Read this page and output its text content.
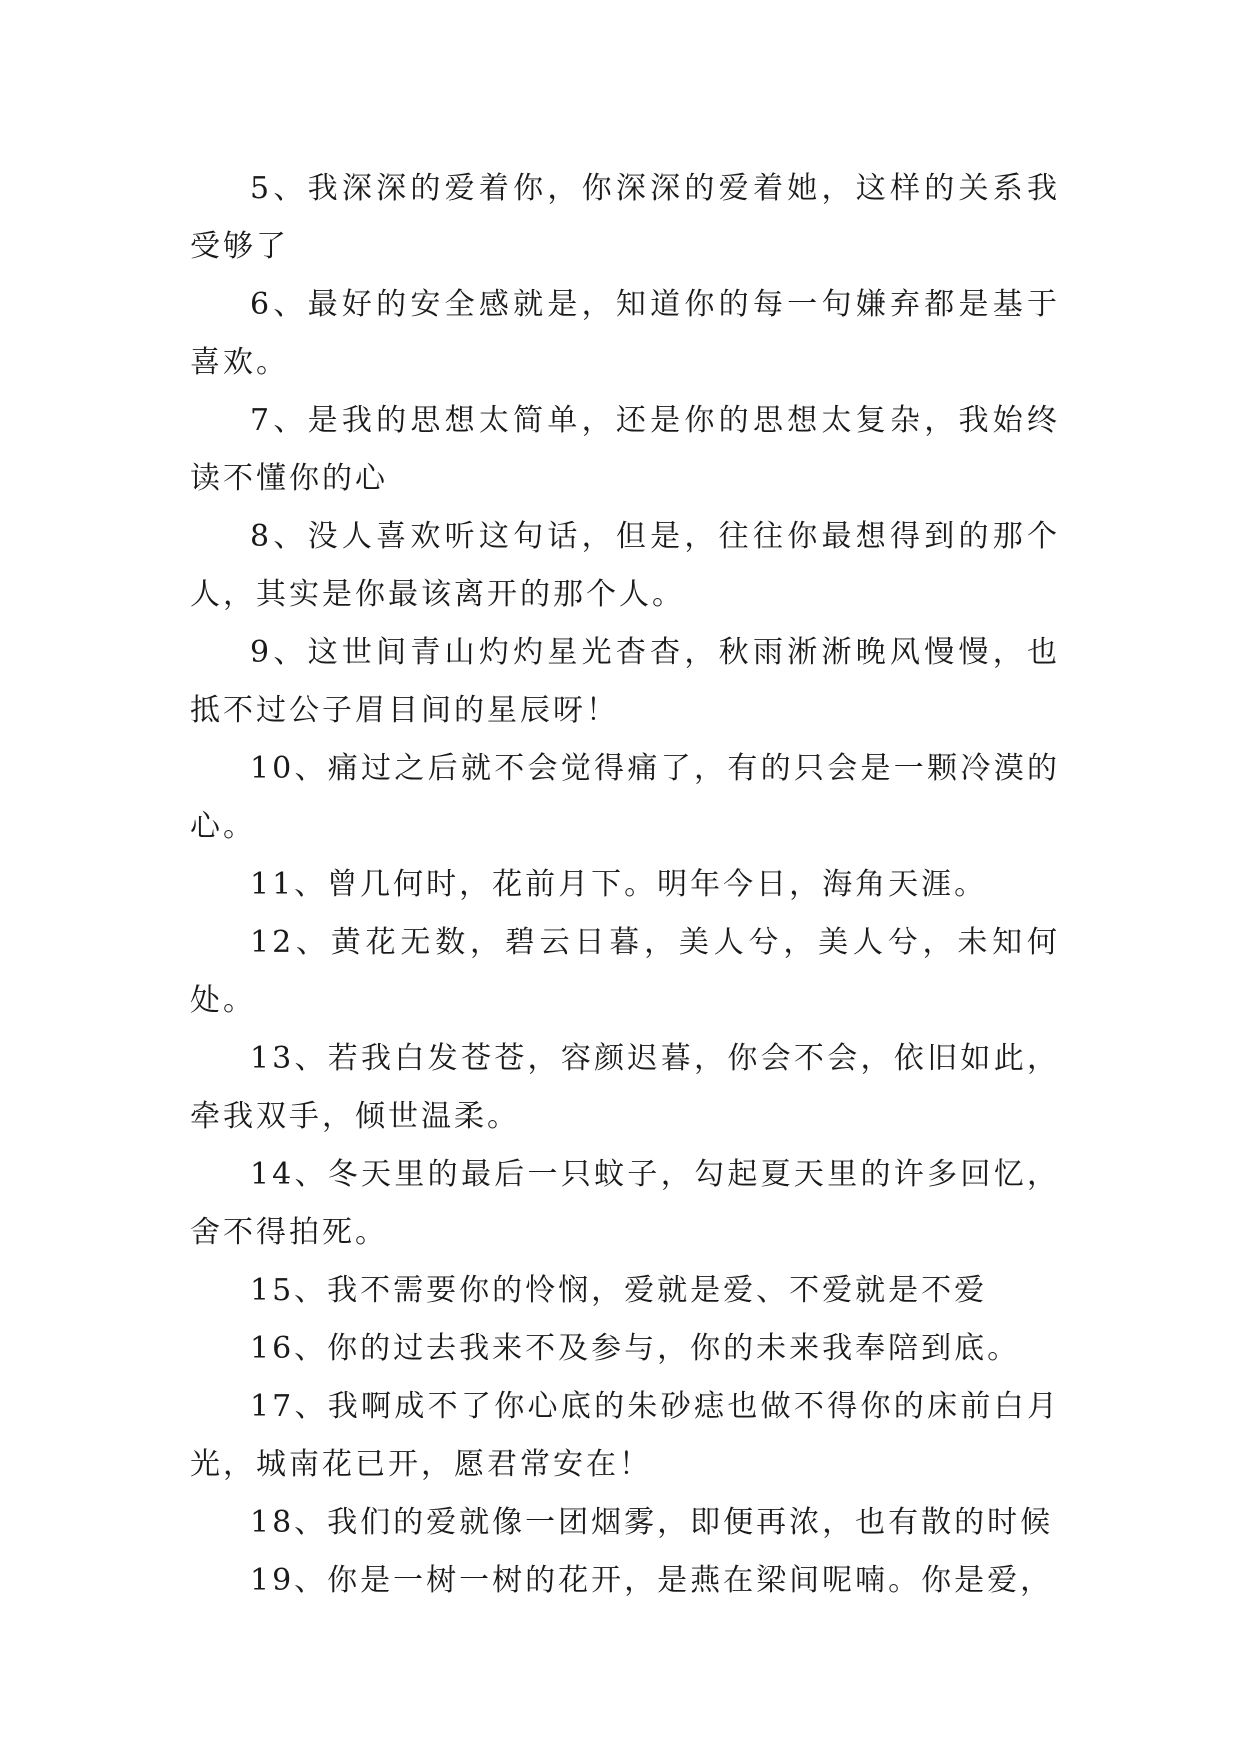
5、我深深的爱着你，你深深的爱着她，这样的关系我受够了

6、最好的安全感就是，知道你的每一句嫌弃都是基于喜欢。

7、是我的思想太简单，还是你的思想太复杂，我始终读不懂你的心

8、没人喜欢听这句话，但是，往往你最想得到的那个人，其实是你最该离开的那个人。

9、这世间青山灼灼星光杳杳，秋雨淅淅晚风慢慢，也抵不过公子眉目间的星辰呀！

10、痛过之后就不会觉得痛了，有的只会是一颗冷漠的心。

11、曾几何时，花前月下。明年今日，海角天涯。

12、黄花无数，碧云日暮，美人兮，美人兮，未知何处。

13、若我白发苍苍，容颜迟暮，你会不会，依旧如此，牵我双手，倾世温柔。

14、冬天里的最后一只蚊子，勾起夏天里的许多回忆，舍不得拍死。

15、我不需要你的怜悯，爱就是爱、不爱就是不爱

16、你的过去我来不及参与，你的未来我奉陪到底。

17、我啊成不了你心底的朱砂痣也做不得你的床前白月光，城南花已开，愿君常安在！

18、我们的爱就像一团烟雾，即便再浓，也有散的时候

19、你是一树一树的花开，是燕在梁间呢喃。你是爱，
